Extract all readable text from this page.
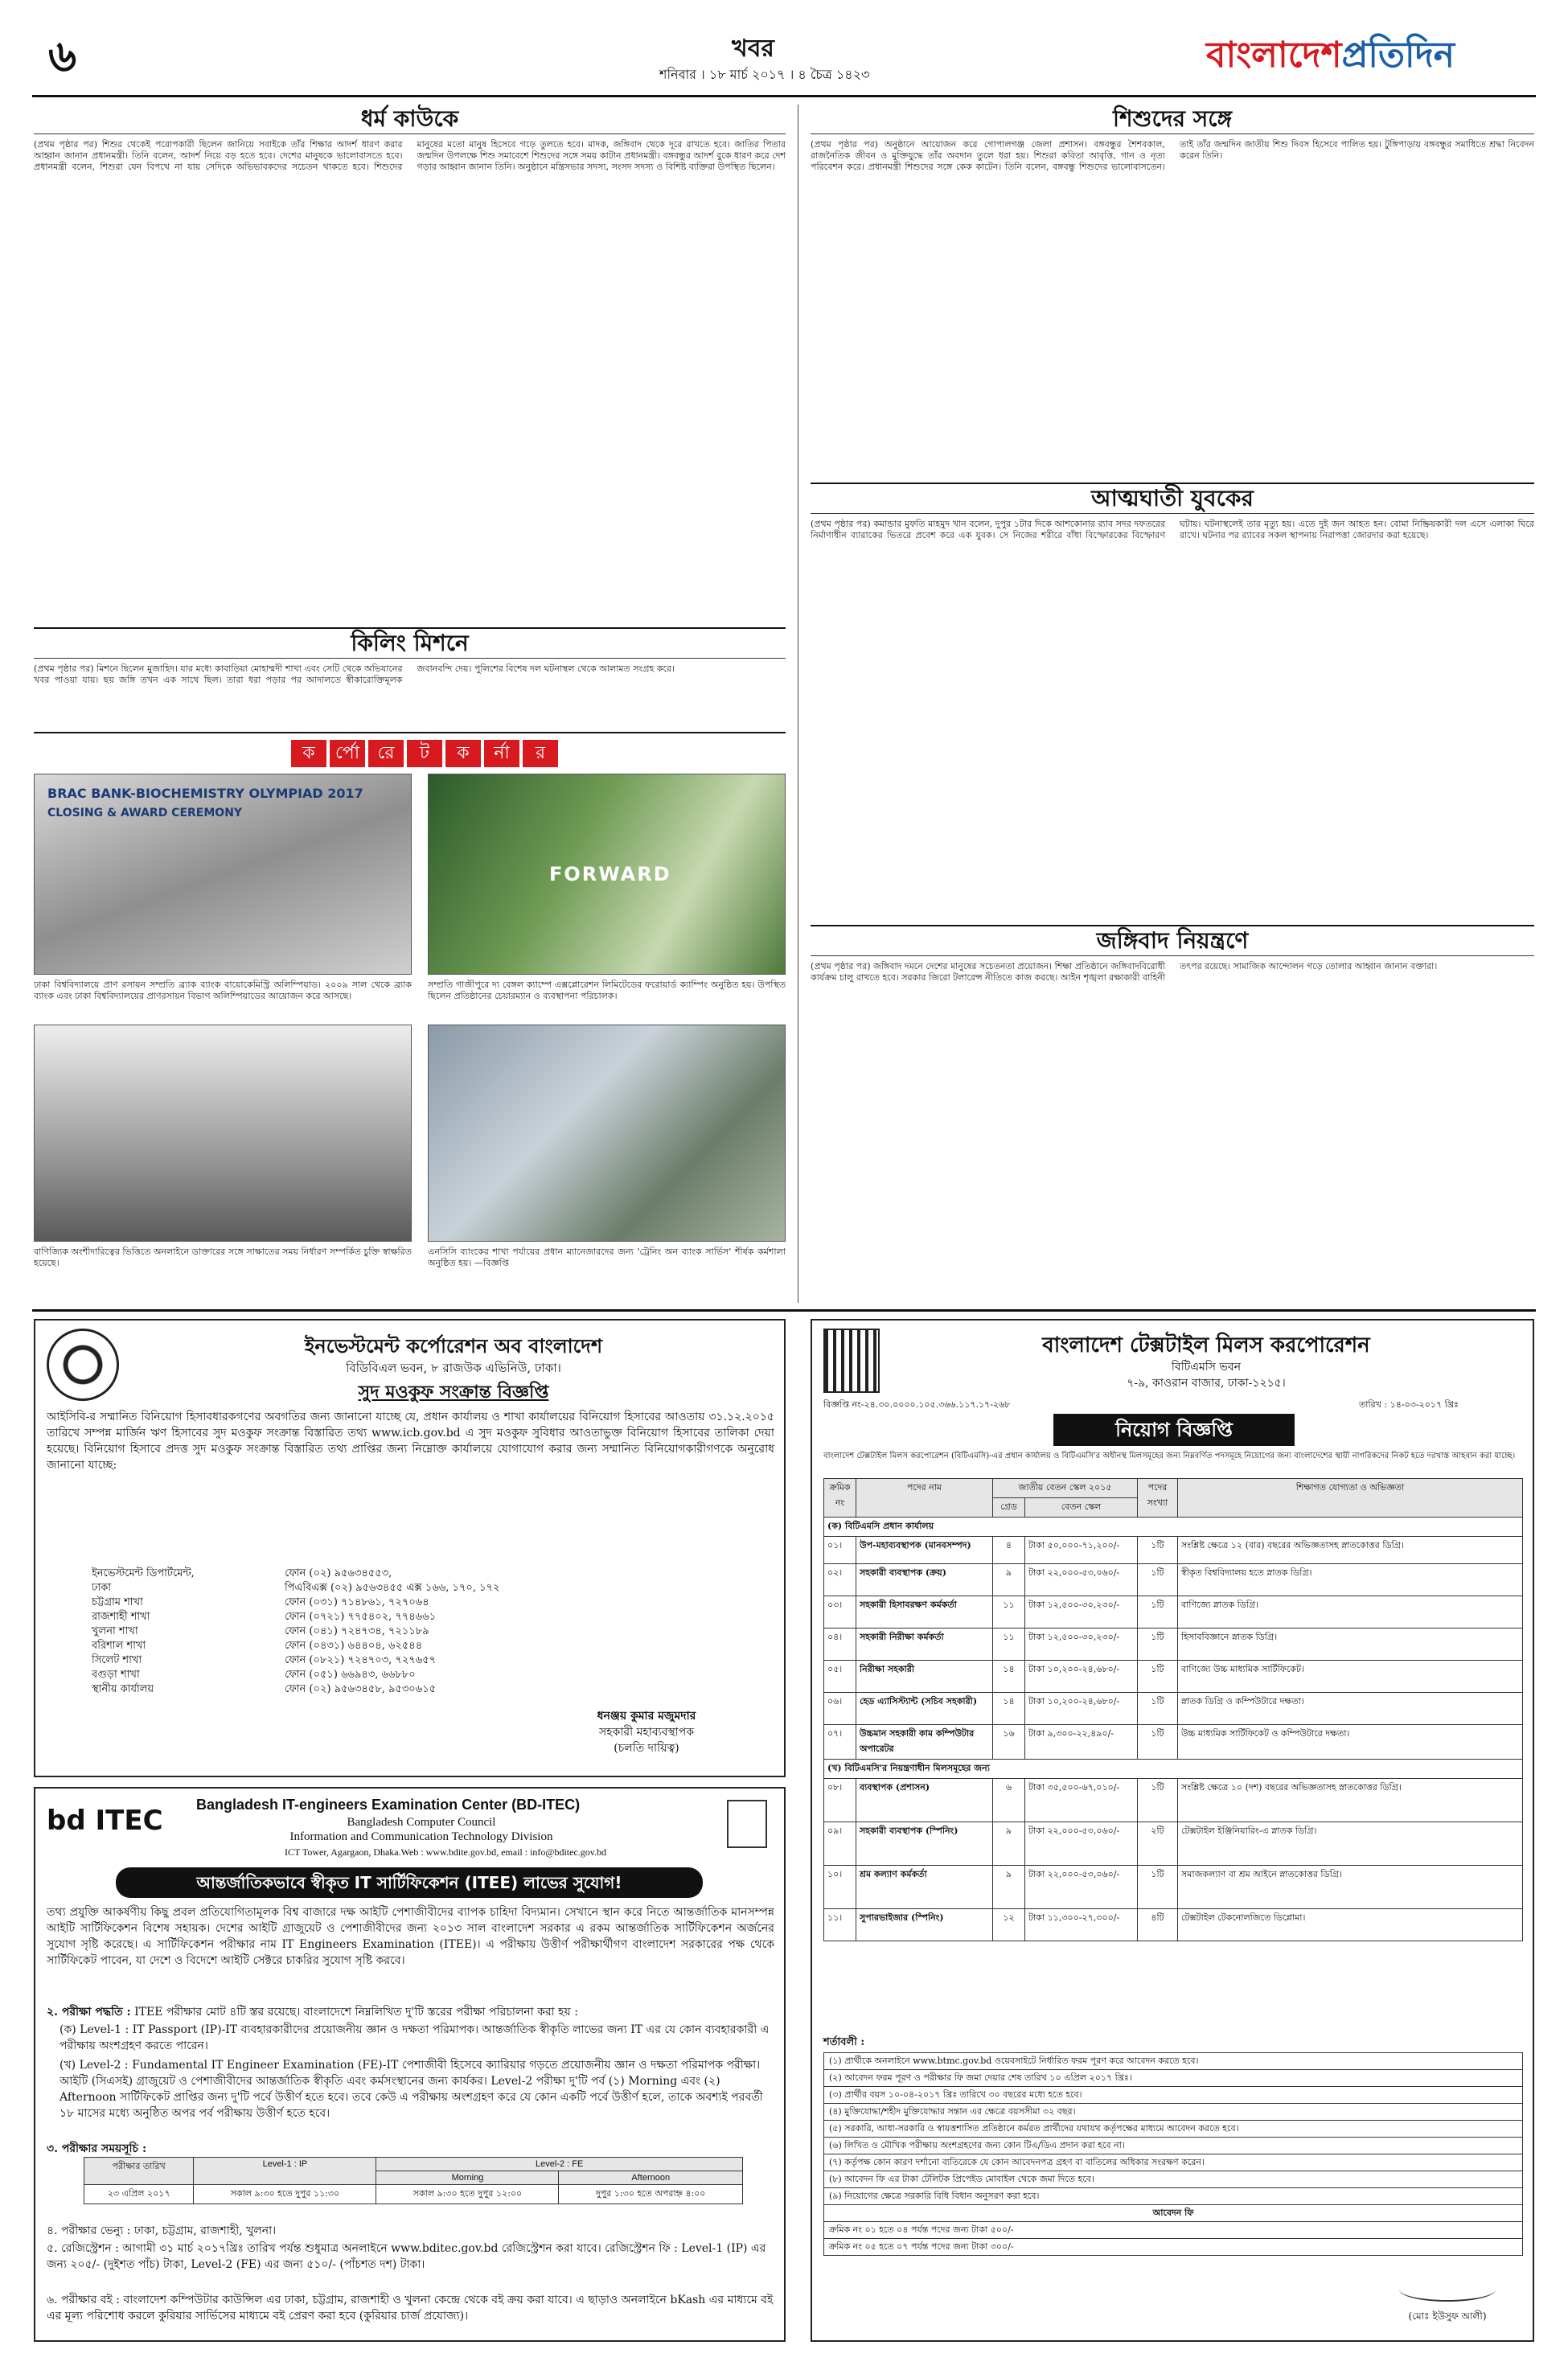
৬	খবর
শনিবার । ১৮ মার্চ ২০১৭ । ৪ চৈত্র ১৪২৩	বাংলাদেশপ্রতিদিন
ধর্ম কাউকে
(প্রথম পৃষ্ঠার পর) শিশুর থেকেই পরোপকারী ছিলেন জানিয়ে সবাইকে তাঁর শিক্ষার আদর্শ ধারণ করার আহ্বান জানান প্রধানমন্ত্রী। তিনি বলেন, আদর্শ নিয়ে বড় হতে হবে। দেশের মানুষকে ভালোবাসতে হবে। প্রধানমন্ত্রী বলেন, শিশুরা যেন বিপথে না যায় সেদিকে অভিভাবকদের সচেতন থাকতে হবে। শিশুদের মানুষের মতো মানুষ হিসেবে গড়ে তুলতে হবে। মাদক, জঙ্গিবাদ থেকে দূরে রাখতে হবে। জাতির পিতার জন্মদিন উপলক্ষে শিশু সমাবেশে শিশুদের সঙ্গে সময় কাটান প্রধানমন্ত্রী। বঙ্গবন্ধুর আদর্শ বুকে ধারণ করে দেশ গড়ার আহ্বান জানান তিনি। অনুষ্ঠানে মন্ত্রিসভার সদস্য, সংসদ সদস্য ও বিশিষ্ট ব্যক্তিরা উপস্থিত ছিলেন।
কিলিং মিশনে
(প্রথম পৃষ্ঠার পর) মিশনে ছিলেন মুজাহিদ। যার মধ্যে কাবাড়িয়া মোহাম্মদী শাখা এবং সেটি থেকে অভিযানের খবর পাওয়া যায়। ছয় জঙ্গি তখন এক সাথে ছিল। তারা ধরা পড়ার পর আদালতে স্বীকারোক্তিমূলক জবানবন্দি দেয়। পুলিশের বিশেষ দল ঘটনাস্থল থেকে আলামত সংগ্রহ করে।
ক	র্পো	রে	ট	ক	র্না	র
BRAC BANK-BIOCHEMISTRY OLYMPIAD 2017
CLOSING & AWARD CEREMONY
ঢাকা বিশ্ববিদ্যালয়ে প্রাণ রসায়ন সম্প্রতি ব্র্যাক ব্যাংক বায়োকেমিস্ট্রি অলিম্পিয়াড। ২০০৯ সাল থেকে ব্র্যাক ব্যাংক এবং ঢাকা বিশ্ববিদ্যালয়ের প্রাণরসায়ন বিভাগ অলিম্পিয়াডের আয়োজন করে আসছে।
FORWARD
সম্প্রতি গাজীপুরে দ্য বেঙ্গল ক্যাম্পে এক্সপ্লোরেশন লিমিটেডের ফরোয়ার্ড ক্যাম্পিং অনুষ্ঠিত হয়। উপস্থিত ছিলেন প্রতিষ্ঠানের চেয়ারম্যান ও ব্যবস্থাপনা পরিচালক।
বাণিজ্যিক অংশীদারিত্বের ভিত্তিতে অনলাইনে ডাক্তারের সঙ্গে সাক্ষাতের সময় নির্ধারণ সম্পর্কিত চুক্তি স্বাক্ষরিত হয়েছে।
এনসিসি ব্যাংকের শাখা পর্যায়ের প্রধান ম্যানেজারদের জন্য 'ট্রেনিং অন ব্যাংক সার্ভিস' শীর্ষক কর্মশালা অনুষ্ঠিত হয়। —বিজ্ঞপ্তি
শিশুদের সঙ্গে
(প্রথম পৃষ্ঠার পর) অনুষ্ঠানে আয়োজন করে গোপালগঞ্জ জেলা প্রশাসন। বঙ্গবন্ধুর শৈশবকাল, রাজনৈতিক জীবন ও মুক্তিযুদ্ধে তাঁর অবদান তুলে ধরা হয়। শিশুরা কবিতা আবৃত্তি, গান ও নৃত্য পরিবেশন করে। প্রধানমন্ত্রী শিশুদের সঙ্গে কেক কাটেন। তিনি বলেন, বঙ্গবন্ধু শিশুদের ভালোবাসতেন। তাই তাঁর জন্মদিন জাতীয় শিশু দিবস হিসেবে পালিত হয়। টুঙ্গিপাড়ায় বঙ্গবন্ধুর সমাধিতে শ্রদ্ধা নিবেদন করেন তিনি।
আত্মঘাতী যুবকের
(প্রথম পৃষ্ঠার পর) কমান্ডার মুফতি মাহমুদ খান বলেন, দুপুর ১টার দিকে আশকোনার র‌্যাব সদর দফতরের নির্মাণাধীন ব্যারাকের ভিতরে প্রবেশ করে এক যুবক। সে নিজের শরীরে বাঁধা বিস্ফোরকের বিস্ফোরণ ঘটায়। ঘটনাস্থলেই তার মৃত্যু হয়। এতে দুই জন আহত হন। বোমা নিষ্ক্রিয়কারী দল এসে এলাকা ঘিরে রাখে। ঘটনার পর র‌্যাবের সকল স্থাপনায় নিরাপত্তা জোরদার করা হয়েছে।
জঙ্গিবাদ নিয়ন্ত্রণে
(প্রথম পৃষ্ঠার পর) জঙ্গিবাদ দমনে দেশের মানুষের সচেতনতা প্রয়োজন। শিক্ষা প্রতিষ্ঠানে জঙ্গিবাদবিরোধী কার্যক্রম চালু রাখতে হবে। সরকার জিরো টলারেন্স নীতিতে কাজ করছে। আইন শৃঙ্খলা রক্ষাকারী বাহিনী তৎপর রয়েছে। সামাজিক আন্দোলন গড়ে তোলার আহ্বান জানান বক্তারা।
ইনভেস্টমেন্ট কর্পোরেশন অব বাংলাদেশ
বিডিবিএল ভবন, ৮ রাজউক এভিনিউ, ঢাকা।
সুদ মওকুফ সংক্রান্ত বিজ্ঞপ্তি
আইসিবি-র সম্মানিত বিনিয়োগ হিসাবধারকগণের অবগতির জন্য জানানো যাচ্ছে যে, প্রধান কার্যালয় ও শাখা কার্যালয়ের বিনিয়োগ হিসাবের আওতায় ৩১.১২.২০১৫ তারিখে সম্পন্ন মার্জিন ঋণ হিসাবের সুদ মওকুফ সংক্রান্ত বিস্তারিত তথ্য www.icb.gov.bd এ সুদ মওকুফ সুবিধার আওতাভুক্ত বিনিয়োগ হিসাবের তালিকা দেয়া হয়েছে। বিনিয়োগ হিসাবে প্রদত্ত সুদ মওকুফ সংক্রান্ত বিস্তারিত তথ্য প্রাপ্তির জন্য নিম্নোক্ত কার্যালয়ে যোগাযোগ করার জন্য সম্মানিত বিনিয়োগকারীগণকে অনুরোধ জানানো যাচ্ছে:
ইনভেস্টমেন্ট ডিপার্টমেন্ট,	ফোন (০২) ৯৫৬৩৪৫৫৩,
ঢাকা	পিএবিএক্স (০২) ৯৫৬৩৪৫৫ এক্স ১৬৬, ১৭০, ১৭২
চট্টগ্রাম শাখা	ফোন (০৩১) ৭১৪৮৬১, ৭২৭০৬৪
রাজশাহী শাখা	ফোন (০৭২১) ৭৭৫৪০২, ৭৭৪৬৬১
খুলনা শাখা	ফোন (০৪১) ৭২৪৭৩৪, ৭২১১৮৯
বরিশাল শাখা	ফোন (০৪৩১) ৬৪৪০৪, ৬২৫৪৪
সিলেট শাখা	ফোন (০৮২১) ৭২৪৭০৩, ৭২৭৬৫৭
বগুড়া শাখা	ফোন (০৫১) ৬৬৯৪৩, ৬৬৮৮০
স্থানীয় কার্যালয়	ফোন (০২) ৯৫৬৩৪৫৮, ৯৫৩০৬১৫
ধনঞ্জয় কুমার মজুমদার
সহকারী মহাব্যবস্থাপক
(চলতি দায়িত্ব)
bd ITEC Bangladesh IT-engineers Examination Center (BD-ITEC)
Bangladesh Computer Council
Information and Communication Technology Division
ICT Tower, Agargaon, Dhaka.Web : www.bdite.gov.bd, email : info@bditec.gov.bd
আন্তর্জাতিকভাবে স্বীকৃত IT সার্টিফিকেশন (ITEE) লাভের সুযোগ!
তথ্য প্রযুক্তি আকর্ষণীয় কিছু প্রবল প্রতিযোগিতামূলক বিশ্ব বাজারে দক্ষ আইটি পেশাজীবীদের ব্যাপক চাহিদা বিদ্যমান। সেখানে স্থান করে নিতে আন্তর্জাতিক মানসম্পন্ন আইটি সার্টিফিকেশন বিশেষ সহায়ক। দেশের আইটি গ্রাজুয়েট ও পেশাজীবীদের জন্য ২০১৩ সাল বাংলাদেশ সরকার এ রকম আন্তর্জাতিক সার্টিফিকেশন অর্জনের সুযোগ সৃষ্টি করেছে। এ সার্টিফিকেশন পরীক্ষার নাম IT Engineers Examination (ITEE)। এ পরীক্ষায় উত্তীর্ণ পরীক্ষার্থীগণ বাংলাদেশ সরকারের পক্ষ থেকে সার্টিফিকেট পাবেন, যা দেশে ও বিদেশে আইটি সেক্টরে চাকরির সুযোগ সৃষ্টি করবে।
২. পরীক্ষা পদ্ধতি : ITEE পরীক্ষার মোট ৪টি স্তর রয়েছে। বাংলাদেশে নিম্নলিখিত দু'টি স্তরের পরীক্ষা পরিচালনা করা হয় :
(ক) Level-1 : IT Passport (IP)-IT ব্যবহারকারীদের প্রয়োজনীয় জ্ঞান ও দক্ষতা পরিমাপক। আন্তর্জাতিক স্বীকৃতি লাভের জন্য IT এর যে কোন ব্যবহারকারী এ পরীক্ষায় অংশগ্রহণ করতে পারেন।
(খ) Level-2 : Fundamental IT Engineer Examination (FE)-IT পেশাজীবী হিসেবে ক্যারিয়ার গড়তে প্রয়োজনীয় জ্ঞান ও দক্ষতা পরিমাপক পরীক্ষা। আইটি (সিএসই) গ্রাজুয়েট ও পেশাজীবীদের আন্তর্জাতিক স্বীকৃতি এবং কর্মসংস্থানের জন্য কার্যকর। Level-2 পরীক্ষা দু'টি পর্ব (১) Morning এবং (২) Afternoon সার্টিফিকেট প্রাপ্তির জন্য দু'টি পর্বে উত্তীর্ণ হতে হবে। তবে কেউ এ পরীক্ষায় অংশগ্রহণ করে যে কোন একটি পর্বে উত্তীর্ণ হলে, তাকে অবশ্যই পরবর্তী ১৮ মাসের মধ্যে অনুষ্ঠিত অপর পর্ব পরীক্ষায় উত্তীর্ণ হতে হবে।
৩. পরীক্ষার সময়সূচি :
পরীক্ষার তারিখ	Level-1 : IP	Level-2 : FE	
		Morning	Afternoon
২৩ এপ্রিল ২০১৭	সকাল ৯:৩০ হতে দুপুর ১১:৩০	সকাল ৯:৩০ হতে দুপুর ১২:০০	দুপুর ১:৩০ হতে অপরাহ্ন ৪:০০
৪. পরীক্ষার ভেন্যু : ঢাকা, চট্টগ্রাম, রাজশাহী, খুলনা।
৫. রেজিস্ট্রেশন : আগামী ৩১ মার্চ ২০১৭খ্রিঃ তারিখ পর্যন্ত শুধুমাত্র অনলাইনে www.bditec.gov.bd রেজিস্ট্রেশন করা যাবে। রেজিস্ট্রেশন ফি : Level-1 (IP) এর জন্য ২০৫/- (দুইশত পাঁচ) টাকা, Level-2 (FE) এর জন্য ৫১০/- (পাঁচশত দশ) টাকা।
৬. পরীক্ষার বই : বাংলাদেশ কম্পিউটার কাউন্সিল এর ঢাকা, চট্টগ্রাম, রাজশাহী ও খুলনা কেন্দ্রে থেকে বই ক্রয় করা যাবে। এ ছাড়াও অনলাইনে bKash এর মাধ্যমে বই এর মূল্য পরিশোধ করলে কুরিয়ার সার্ভিসের মাধ্যমে বই প্রেরণ করা হবে (কুরিয়ার চার্জ প্রযোজ্য)।
বাংলাদেশ টেক্সটাইল মিলস করপোরেশন
বিটিএমসি ভবন
৭-৯, কাওরান বাজার, ঢাকা-১২১৫।
বিজ্ঞপ্তি নং-২৪.৩০.০০০০.১০৫.৩৬৬.১১৭.১৭-২৬৮	তারিখ : ১৪-০৩-২০১৭ খ্রিঃ
নিয়োগ বিজ্ঞপ্তি
বাংলাদেশ টেক্সটাইল মিলস করপোরেশন (বিটিএমসি)-এর প্রধান কার্যালয় ও বিটিএমসি'র অধীনস্থ মিলসমূহের জন্য নিম্নবর্ণিত পদসমূহে নিয়োগের জন্য বাংলাদেশের স্থায়ী নাগরিকদের নিকট হতে দরখাস্ত আহবান করা যাচ্ছে।
ক্রমিক নং	পদের নাম	জাতীয় বেতন স্কেল ২০১৫		পদের সংখ্যা	শিক্ষাগত যোগ্যতা ও অভিজ্ঞতা
		গ্রেড	বেতন স্কেল		
(ক) বিটিএমসি প্রধান কার্যালয়					
০১।	উপ-মহাব্যবস্থাপক (মানবসম্পদ)	৪	টাকা ৫০,০০০-৭১,২০০/-	১টি	সংশ্লিষ্ট ক্ষেত্রে ১২ (বার) বছরের অভিজ্ঞতাসহ স্নাতকোত্তর ডিগ্রি।
০২।	সহকারী ব্যবস্থাপক (ক্রয়)	৯	টাকা ২২,০০০-৫৩,০৬০/-	১টি	স্বীকৃত বিশ্ববিদ্যালয় হতে স্নাতক ডিগ্রি।
০৩।	সহকারী হিসাবরক্ষণ কর্মকর্তা	১১	টাকা ১২,৫০০-৩০,২৩০/-	১টি	বাণিজ্যে স্নাতক ডিগ্রি।
০৪।	সহকারী নিরীক্ষা কর্মকর্তা	১১	টাকা ১২,৫০০-৩০,২৩০/-	১টি	হিসাববিজ্ঞানে স্নাতক ডিগ্রি।
০৫।	নিরীক্ষা সহকারী	১৪	টাকা ১০,২০০-২৪,৬৮০/-	১টি	বাণিজ্যে উচ্চ মাধ্যমিক সার্টিফিকেট।
০৬।	হেড এ্যাসিস্ট্যান্ট (সচিব সহকারী)	১৪	টাকা ১০,২০০-২৪,৬৮০/-	১টি	স্নাতক ডিগ্রি ও কম্পিউটারে দক্ষতা।
০৭।	উচ্চমান সহকারী কাম কম্পিউটার অপারেটর	১৬	টাকা ৯,৩০০-২২,৪৯০/-	১টি	উচ্চ মাধ্যমিক সার্টিফিকেট ও কম্পিউটারে দক্ষতা।
(খ) বিটিএমসি'র নিয়ন্ত্রণাধীন মিলসমূহের জন্য					
০৮।	ব্যবস্থাপক (প্রশাসন)	৬	টাকা ৩৫,৫০০-৬৭,০১০/-	১টি	সংশ্লিষ্ট ক্ষেত্রে ১০ (দশ) বছরের অভিজ্ঞতাসহ স্নাতকোত্তর ডিগ্রি।
০৯।	সহকারী ব্যবস্থাপক (স্পিনিং)	৯	টাকা ২২,০০০-৫৩,০৬০/-	২টি	টেক্সটাইল ইঞ্জিনিয়ারিং-এ স্নাতক ডিগ্রি।
১০।	শ্রম কল্যাণ কর্মকর্তা	৯	টাকা ২২,০০০-৫৩,০৬০/-	১টি	সমাজকল্যাণ বা শ্রম আইনে স্নাতকোত্তর ডিগ্রি।
১১।	সুপারভাইজার (স্পিনিং)	১২	টাকা ১১,৩০০-২৭,৩০০/-	৪টি	টেক্সটাইল টেকনোলজিতে ডিপ্লোমা।
শর্তাবলী :
(১) প্রার্থীকে অনলাইনে www.btmc.gov.bd ওয়েবসাইটে নির্ধারিত ফরম পূরণ করে আবেদন করতে হবে।
(২) আবেদন ফরম পূরণ ও পরীক্ষার ফি জমা দেয়ার শেষ তারিখ ১০ এপ্রিল ২০১৭ খ্রিঃ।
(৩) প্রার্থীর বয়স ১০-০৪-২০১৭ খ্রিঃ তারিখে ৩০ বছরের মধ্যে হতে হবে।
(৪) মুক্তিযোদ্ধা/শহীদ মুক্তিযোদ্ধার সন্তান এর ক্ষেত্রে বয়সসীমা ৩২ বছর।
(৫) সরকারি, আধা-সরকারি ও স্বায়ত্তশাসিত প্রতিষ্ঠানে কর্মরত প্রার্থীদের যথাযথ কর্তৃপক্ষের মাধ্যমে আবেদন করতে হবে।
(৬) লিখিত ও মৌখিক পরীক্ষায় অংশগ্রহণের জন্য কোন টিএ/ডিএ প্রদান করা হবে না।
(৭) কর্তৃপক্ষ কোন কারণ দর্শানো ব্যতিরেকে যে কোন আবেদনপত্র গ্রহণ বা বাতিলের অধিকার সংরক্ষণ করেন।
(৮) আবেদন ফি এর টাকা টেলিটক প্রিপেইড মোবাইল থেকে জমা দিতে হবে।
(৯) নিয়োগের ক্ষেত্রে সরকারি বিধি বিধান অনুসরণ করা হবে।
আবেদন ফি
ক্রমিক নং ০১ হতে ০৪ পর্যন্ত পদের জন্য টাকা ৫০০/-
ক্রমিক নং ০৫ হতে ০৭ পর্যন্ত পদের জন্য টাকা ৩০০/-
(মোঃ ইউসুফ আলী)
